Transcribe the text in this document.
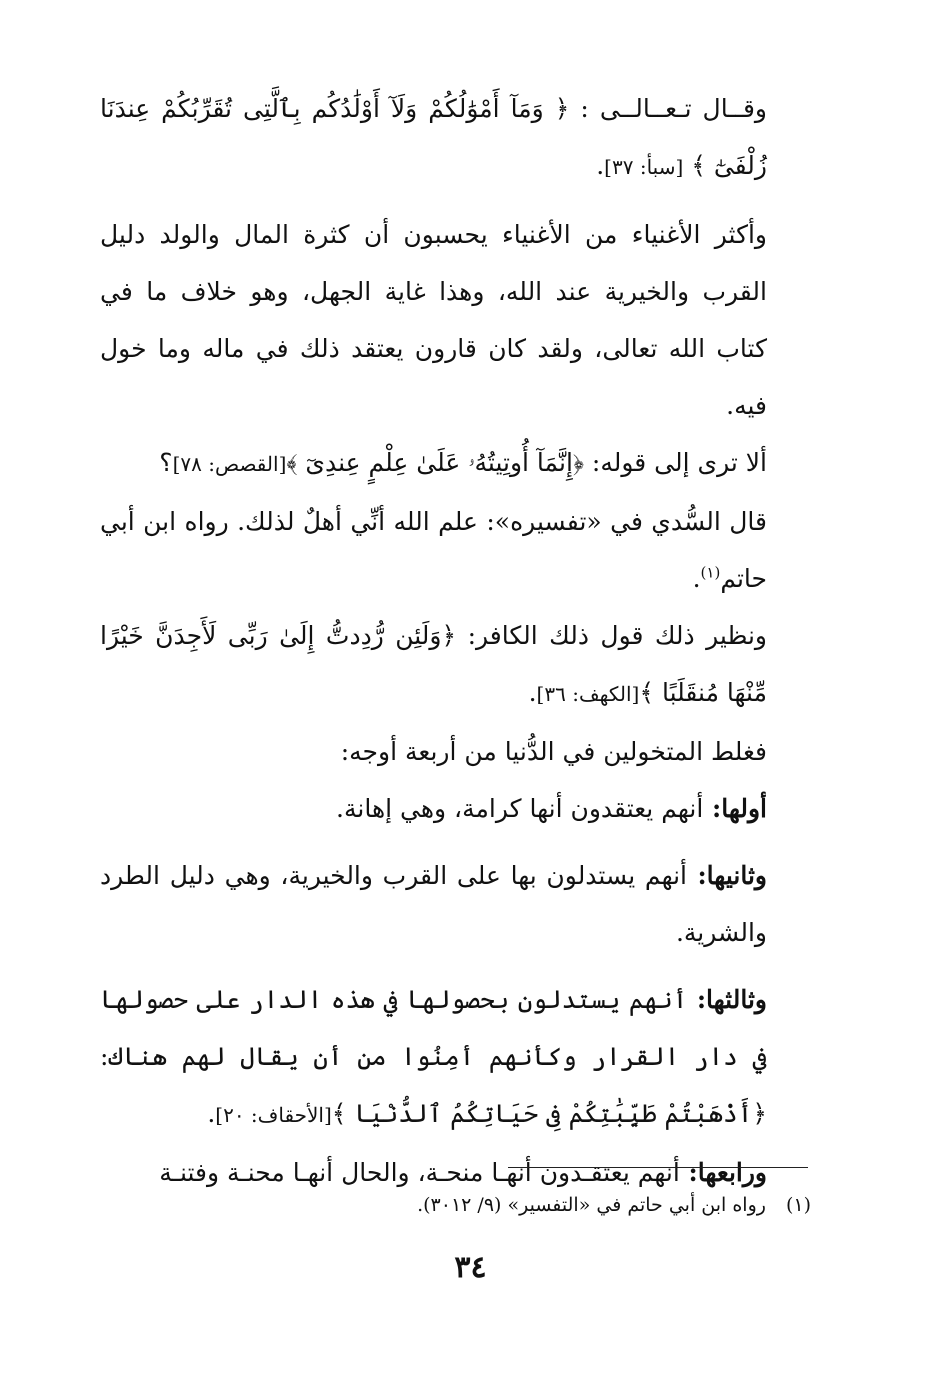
وقــال تـعــالــى : ﴿ وَمَآ أَمْوَٰلُكُمْ وَلَآ أَوْلَٰدُكُم بِٱلَّتِى تُقَرِّبُكُمْ عِندَنَا زُلْفَىٰٓ ﴾ [سبأ: ٣٧].

وأكثر الأغنياء من الأغنياء يحسبون أن كثرة المال والولد دليل القرب والخيرية عند الله، وهذا غاية الجهل، وهو خلاف ما في كتاب الله تعالى، ولقد كان قارون يعتقد ذلك في ماله وما خول فيه.

ألا ترى إلى قوله: ﴿إِنَّمَآ أُوتِيتُهُۥ عَلَىٰ عِلْمٍ عِندِىٓ ﴾[القصص: ٧٨]؟

قال السُّدي في «تفسيره»: علم الله أنِّي أهلٌ لذلك. رواه ابن أبي حاتم$^{(١)}$.

ونظير ذلك قول ذلك الكافر: ﴿وَلَئِن رُّدِدتُّ إِلَىٰ رَبِّى لَأَجِدَنَّ خَيْرًا مِّنْهَا مُنقَلَبًا ﴾[الكهف: ٣٦].

فغلط المتخولين في الدُّنيا من أربعة أوجه:

أولها: أنهم يعتقدون أنها كرامة، وهي إهانة.

وثانيها: أنهم يستدلون بها على القرب والخيرية، وهي دليل الطرد والشرية.

وثالثها: أنهم يستدلون بحصولها في هذه الدار على حصولها في دار القرار وكأنهم أمِنُوا من أن يقال لهم هناك: ﴿أَذْهَبْتُمْ طَيِّبَٰتِكُمْ فِى حَيَاتِكُمُ ٱلدُّنْيَا ﴾[الأحقاف: ٢٠].

ورابعها: أنهم يعتقـدون أنهـا منحـة، والحال أنهـا محنـة وفتنـة

(١)رواه ابن أبي حاتم في «التفسير» (٩/ ٣٠١٢).
٣٤
